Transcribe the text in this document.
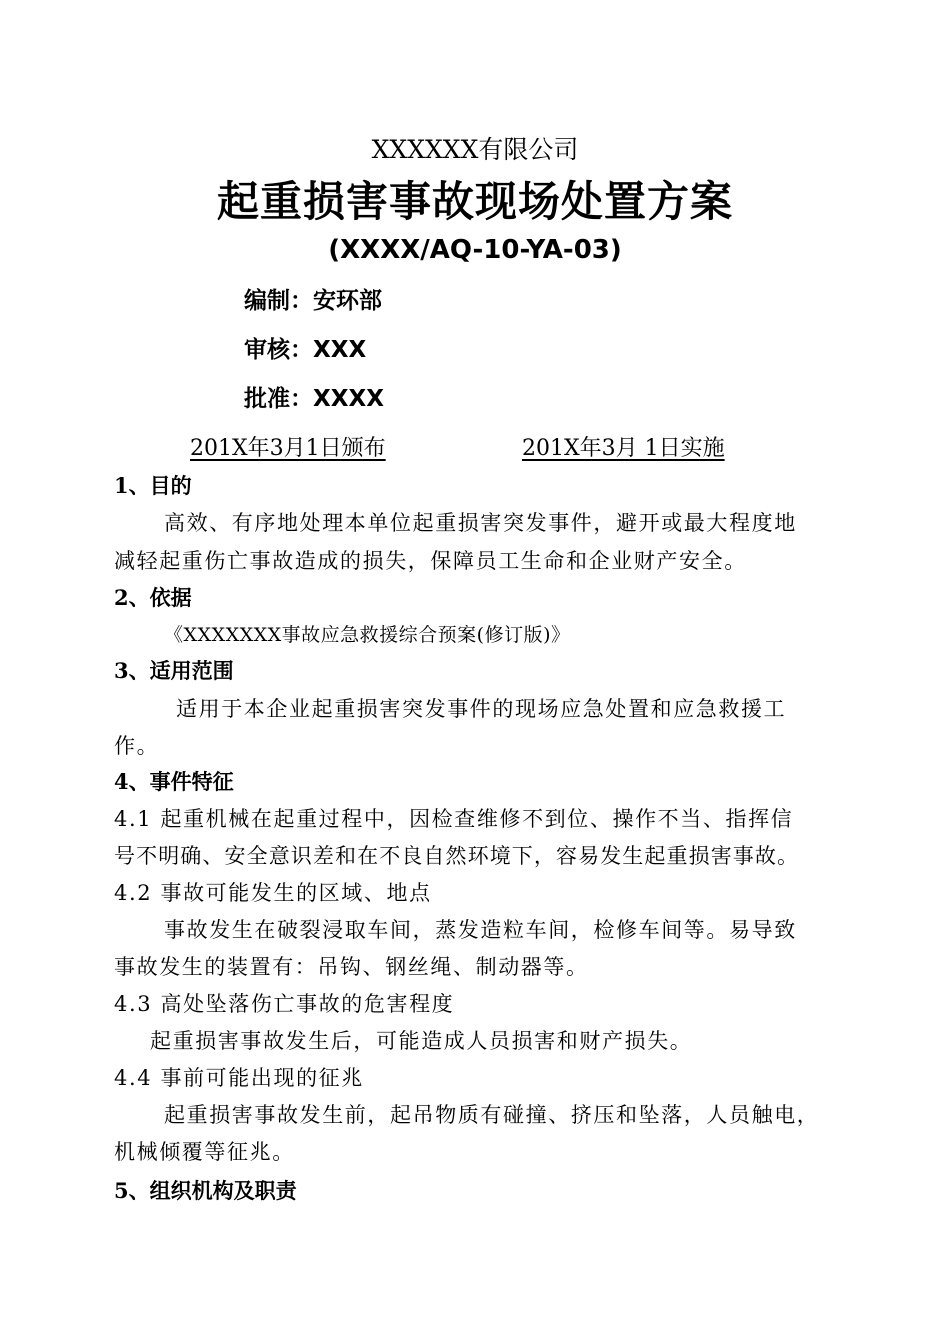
XXXXXX有限公司
起重损害事故现场处置方案
(XXXX/AQ-10-YA-03)
编制：安环部
审核：XXX
批准：XXXX
201X年3月1日颁布	201X年3月 1日实施
1、目的
高效、有序地处理本单位起重损害突发事件，避开或最大程度地
减轻起重伤亡事故造成的损失，保障员工生命和企业财产安全。
2、依据
《XXXXXXX事故应急救援综合预案(修订版)》
3、适用范围
适用于本企业起重损害突发事件的现场应急处置和应急救援工
作。
4、事件特征
4.1 起重机械在起重过程中，因检查维修不到位、操作不当、指挥信
号不明确、安全意识差和在不良自然环境下，容易发生起重损害事故。
4.2 事故可能发生的区域、地点
事故发生在破裂浸取车间，蒸发造粒车间，检修车间等。易导致
事故发生的装置有：吊钩、钢丝绳、制动器等。
4.3 高处坠落伤亡事故的危害程度
起重损害事故发生后，可能造成人员损害和财产损失。
4.4 事前可能出现的征兆
起重损害事故发生前，起吊物质有碰撞、挤压和坠落，人员触电，
机械倾覆等征兆。
5、组织机构及职责
